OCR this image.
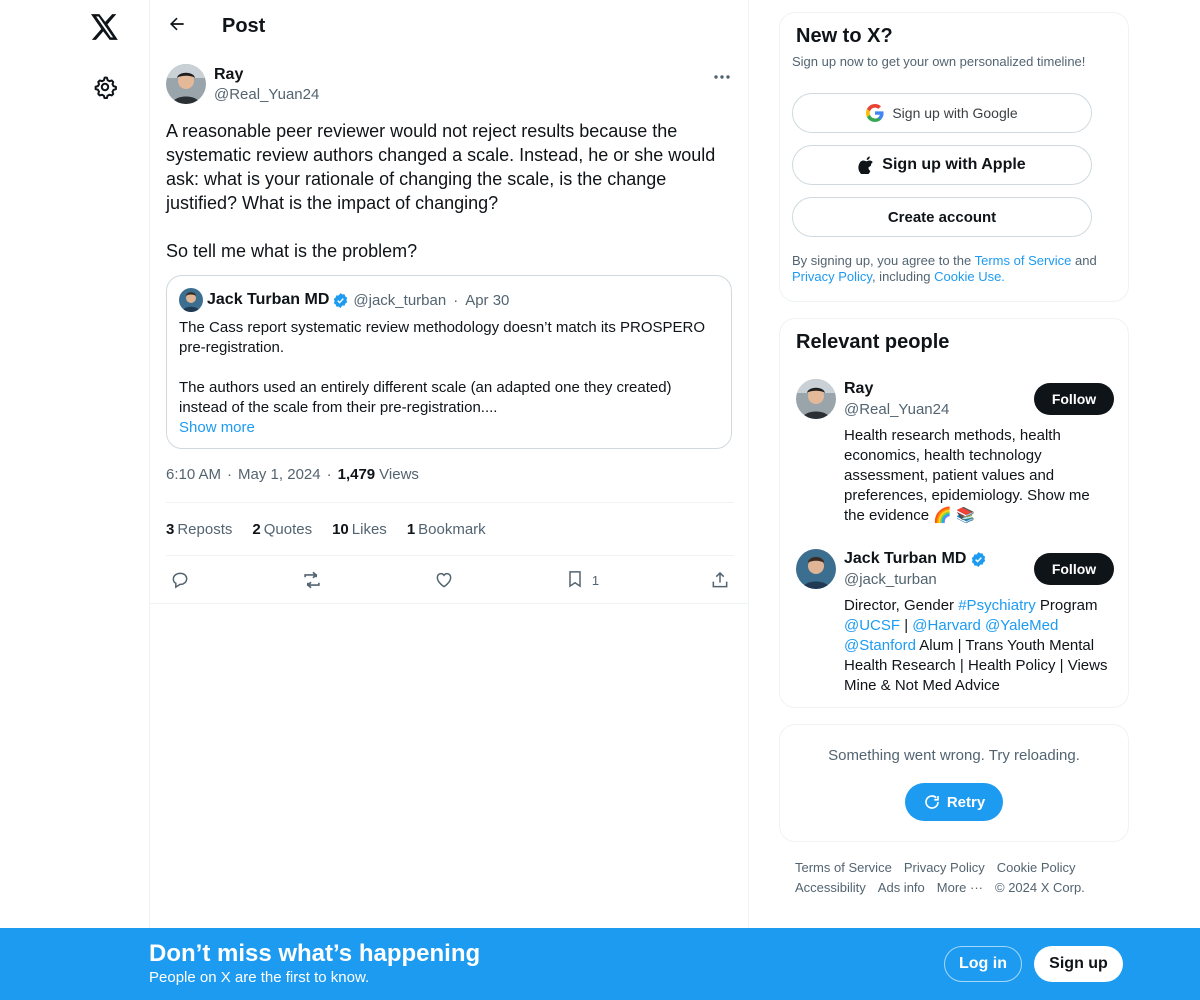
Post
Ray
@Real_Yuan24
A reasonable peer reviewer would not reject results because the systematic review authors changed a scale. Instead, he or she would ask: what is your rationale of changing the scale, is the change justified? What is the impact of changing?

So tell me what is the problem?
Jack Turban MD @jack_turban · Apr 30
The Cass report systematic review methodology doesn’t match its PROSPERO pre-registration.

The authors used an entirely different scale (an adapted one they created) instead of the scale from their pre-registration....
Show more
6:10 AM · May 1, 2024 · 1,479 Views
3 Reposts 2 Quotes 10 Likes 1 Bookmark
1
New to X?
Sign up now to get your own personalized timeline!
Sign up with Google
Sign up with Apple
Create account
By signing up, you agree to the Terms of Service and
Privacy Policy, including Cookie Use.
Relevant people
Ray
@Real_Yuan24
Follow
Health research methods, health economics, health technology assessment, patient values and preferences, epidemiology. Show me the evidence 🌈 📚
Jack Turban MD
@jack_turban
Follow
Director, Gender #Psychiatry Program @UCSF | @Harvard @YaleMed @Stanford Alum | Trans Youth Mental Health Research | Health Policy | Views Mine & Not Med Advice
Something went wrong. Try reloading.
Retry
Terms of Service Privacy Policy Cookie Policy
Accessibility Ads info More ··· © 2024 X Corp.
Don’t miss what’s happening
People on X are the first to know.
Log in	Sign up
